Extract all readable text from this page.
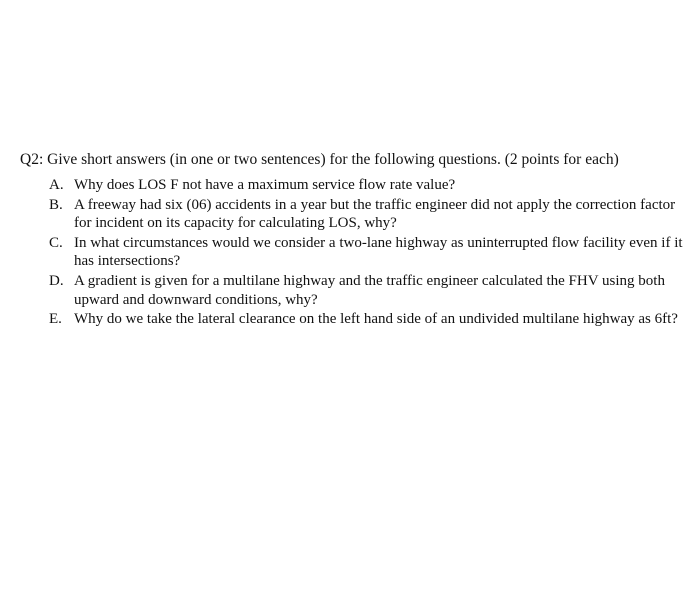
Q2: Give short answers (in one or two sentences) for the following questions. (2 points for each)

A. Why does LOS F not have a maximum service flow rate value?
B. A freeway had six (06) accidents in a year but the traffic engineer did not apply the correction factor for incident on its capacity for calculating LOS, why?
C. In what circumstances would we consider a two-lane highway as uninterrupted flow facility even if it has intersections?
D. A gradient is given for a multilane highway and the traffic engineer calculated the FHV using both upward and downward conditions, why?
E. Why do we take the lateral clearance on the left hand side of an undivided multilane highway as 6ft?
